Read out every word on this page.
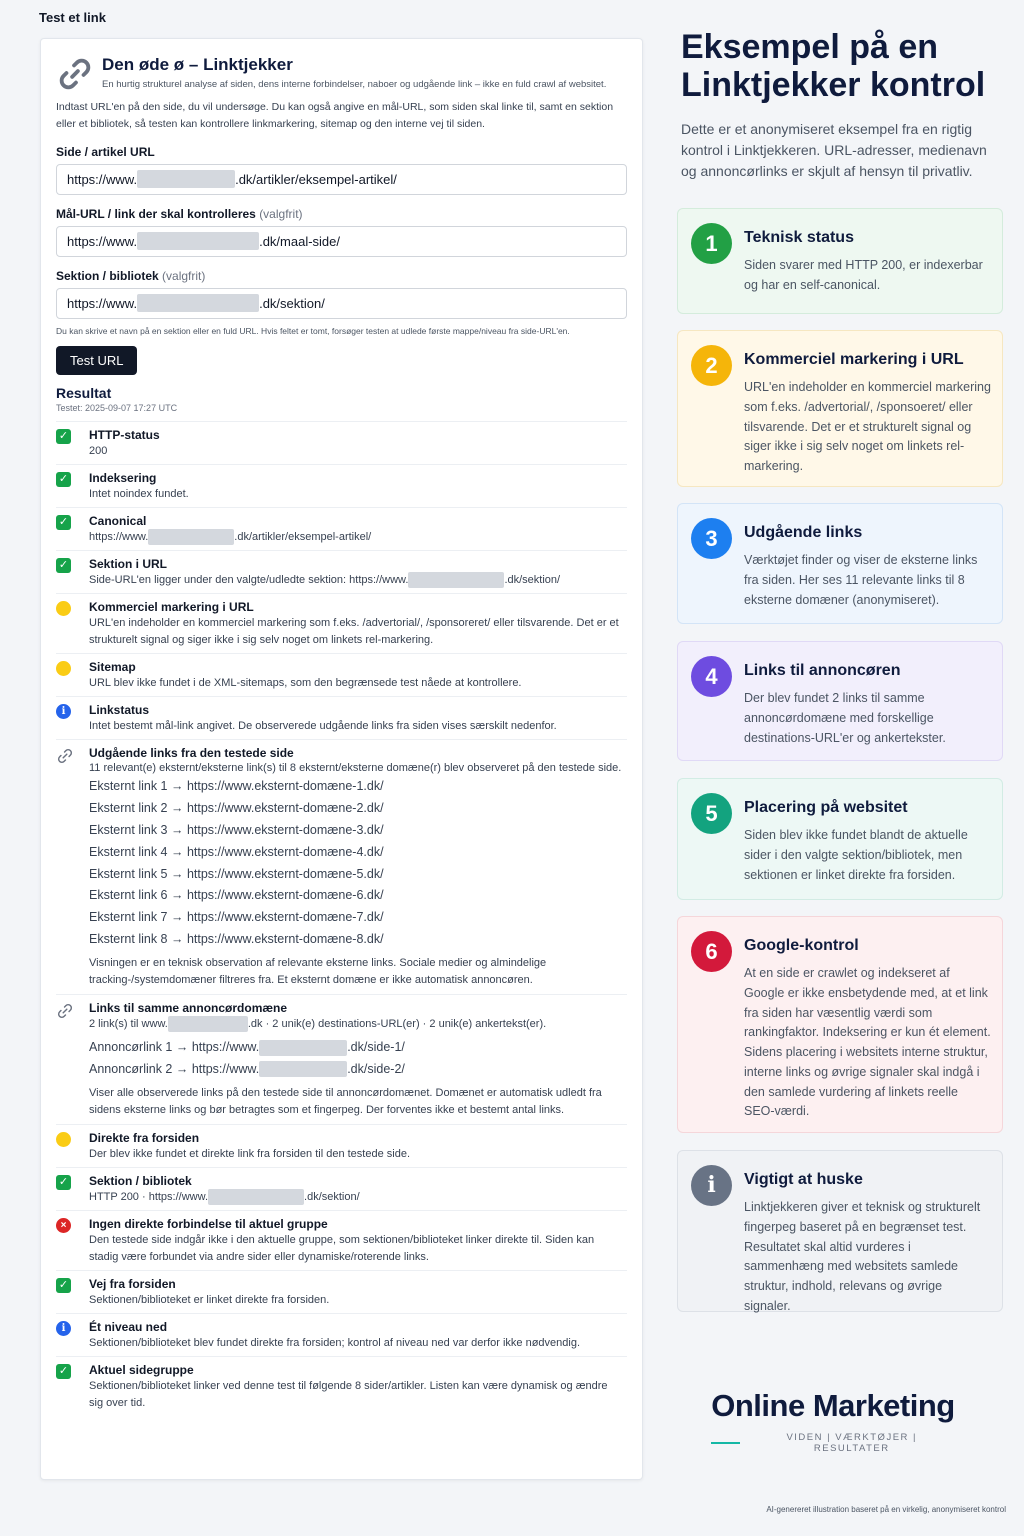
Test et link
Den øde ø – Linktjekker
En hurtig strukturel analyse af siden, dens interne forbindelser, naboer og udgående link – ikke en fuld crawl af websitet.
Indtast URL'en på den side, du vil undersøge. Du kan også angive en mål-URL, som siden skal linke til, samt en sektion eller et bibliotek, så testen kan kontrollere linkmarkering, sitemap og den interne vej til siden.
Side / artikel URL
https://www.	.dk/artikler/eksempel-artikel/
Mål-URL / link der skal kontrolleres (valgfrit)
https://www.	.dk/maal-side/
Sektion / bibliotek (valgfrit)
https://www.	.dk/sektion/
Du kan skrive et navn på en sektion eller en fuld URL. Hvis feltet er tomt, forsøger testen at udlede første mappe/niveau fra side-URL'en.
Test URL
Resultat
Testet: 2025-09-07 17:27 UTC
✓ HTTP-status
200
✓ Indeksering
Intet noindex fundet.
✓ Canonical
https://www.	.dk/artikler/eksempel-artikel/
✓ Sektion i URL
Side-URL'en ligger under den valgte/udledte sektion: https://www.	.dk/sektion/
Kommerciel markering i URL
URL'en indeholder en kommerciel markering som f.eks. /advertorial/, /sponsoreret/ eller tilsvarende. Det er et strukturelt signal og siger ikke i sig selv noget om linkets rel-markering.
Sitemap
URL blev ikke fundet i de XML-sitemaps, som den begrænsede test nåede at kontrollere.
i	Linkstatus
Intet bestemt mål-link angivet. De observerede udgående links fra siden vises særskilt nedenfor.
Udgående links fra den testede side
11 relevant(e) eksternt/eksterne link(s) til 8 eksternt/eksterne domæne(r) blev observeret på den testede side.
Eksternt link 1 → https://www.eksternt-domæne-1.dk/
Eksternt link 2 → https://www.eksternt-domæne-2.dk/
Eksternt link 3 → https://www.eksternt-domæne-3.dk/
Eksternt link 4 → https://www.eksternt-domæne-4.dk/
Eksternt link 5 → https://www.eksternt-domæne-5.dk/
Eksternt link 6 → https://www.eksternt-domæne-6.dk/
Eksternt link 7 → https://www.eksternt-domæne-7.dk/
Eksternt link 8 → https://www.eksternt-domæne-8.dk/
Visningen er en teknisk observation af relevante eksterne links. Sociale medier og almindelige tracking-/systemdomæner filtreres fra. Et eksternt domæne er ikke automatisk annoncøren.
Links til samme annoncørdomæne
2 link(s) til www.	.dk · 2 unik(e) destinations-URL(er) · 2 unik(e) ankertekst(er).
Annoncørlink 1 → https://www.	.dk/side-1/
Annoncørlink 2 → https://www.	.dk/side-2/
Viser alle observerede links på den testede side til annoncørdomænet. Domænet er automatisk udledt fra sidens eksterne links og bør betragtes som et fingerpeg. Der forventes ikke et bestemt antal links.
Direkte fra forsiden
Der blev ikke fundet et direkte link fra forsiden til den testede side.
✓ Sektion / bibliotek
HTTP 200 · https://www.	.dk/sektion/
×	Ingen direkte forbindelse til aktuel gruppe
Den testede side indgår ikke i den aktuelle gruppe, som sektionen/biblioteket linker direkte til. Siden kan stadig være forbundet via andre sider eller dynamiske/roterende links.
✓ Vej fra forsiden
Sektionen/biblioteket er linket direkte fra forsiden.
i	Ét niveau ned
Sektionen/biblioteket blev fundet direkte fra forsiden; kontrol af niveau ned var derfor ikke nødvendig.
✓ Aktuel sidegruppe
Sektionen/biblioteket linker ved denne test til følgende 8 sider/artikler. Listen kan være dynamisk og ændre sig over tid.
Eksempel på en Linktjekker kontrol
Dette er et anonymiseret eksempel fra en rigtig kontrol i Linktjekkeren. URL-adresser, medienavn og annoncørlinks er skjult af hensyn til privatliv.
1	Teknisk status
Siden svarer med HTTP 200, er indexerbar og har en self-canonical.
2	Kommerciel markering i URL
URL'en indeholder en kommerciel markering som f.eks. /advertorial/, /sponsoeret/ eller tilsvarende. Det er et strukturelt signal og siger ikke i sig selv noget om linkets rel-markering.
3	Udgående links
Værktøjet finder og viser de eksterne links fra siden. Her ses 11 relevante links til 8 eksterne domæner (anonymiseret).
4	Links til annoncøren
Der blev fundet 2 links til samme annoncørdomæne med forskellige destinations-URL'er og ankertekster.
5	Placering på websitet
Siden blev ikke fundet blandt de aktuelle sider i den valgte sektion/bibliotek, men sektionen er linket direkte fra forsiden.
6	Google-kontrol
At en side er crawlet og indekseret af Google er ikke ensbetydende med, at et link fra siden har væsentlig værdi som rankingfaktor. Indeksering er kun ét element. Sidens placering i websitets interne struktur, interne links og øvrige signaler skal indgå i den samlede vurdering af linkets reelle SEO-værdi.
i	Vigtigt at huske
Linktjekkeren giver et teknisk og strukturelt fingerpeg baseret på en begrænset test. Resultatet skal altid vurderes i sammenhæng med websitets samlede struktur, indhold, relevans og øvrige signaler.
Online Marketing
VIDEN | VÆRKTØJER | RESULTATER
AI-genereret illustration baseret på en virkelig, anonymiseret kontrol
